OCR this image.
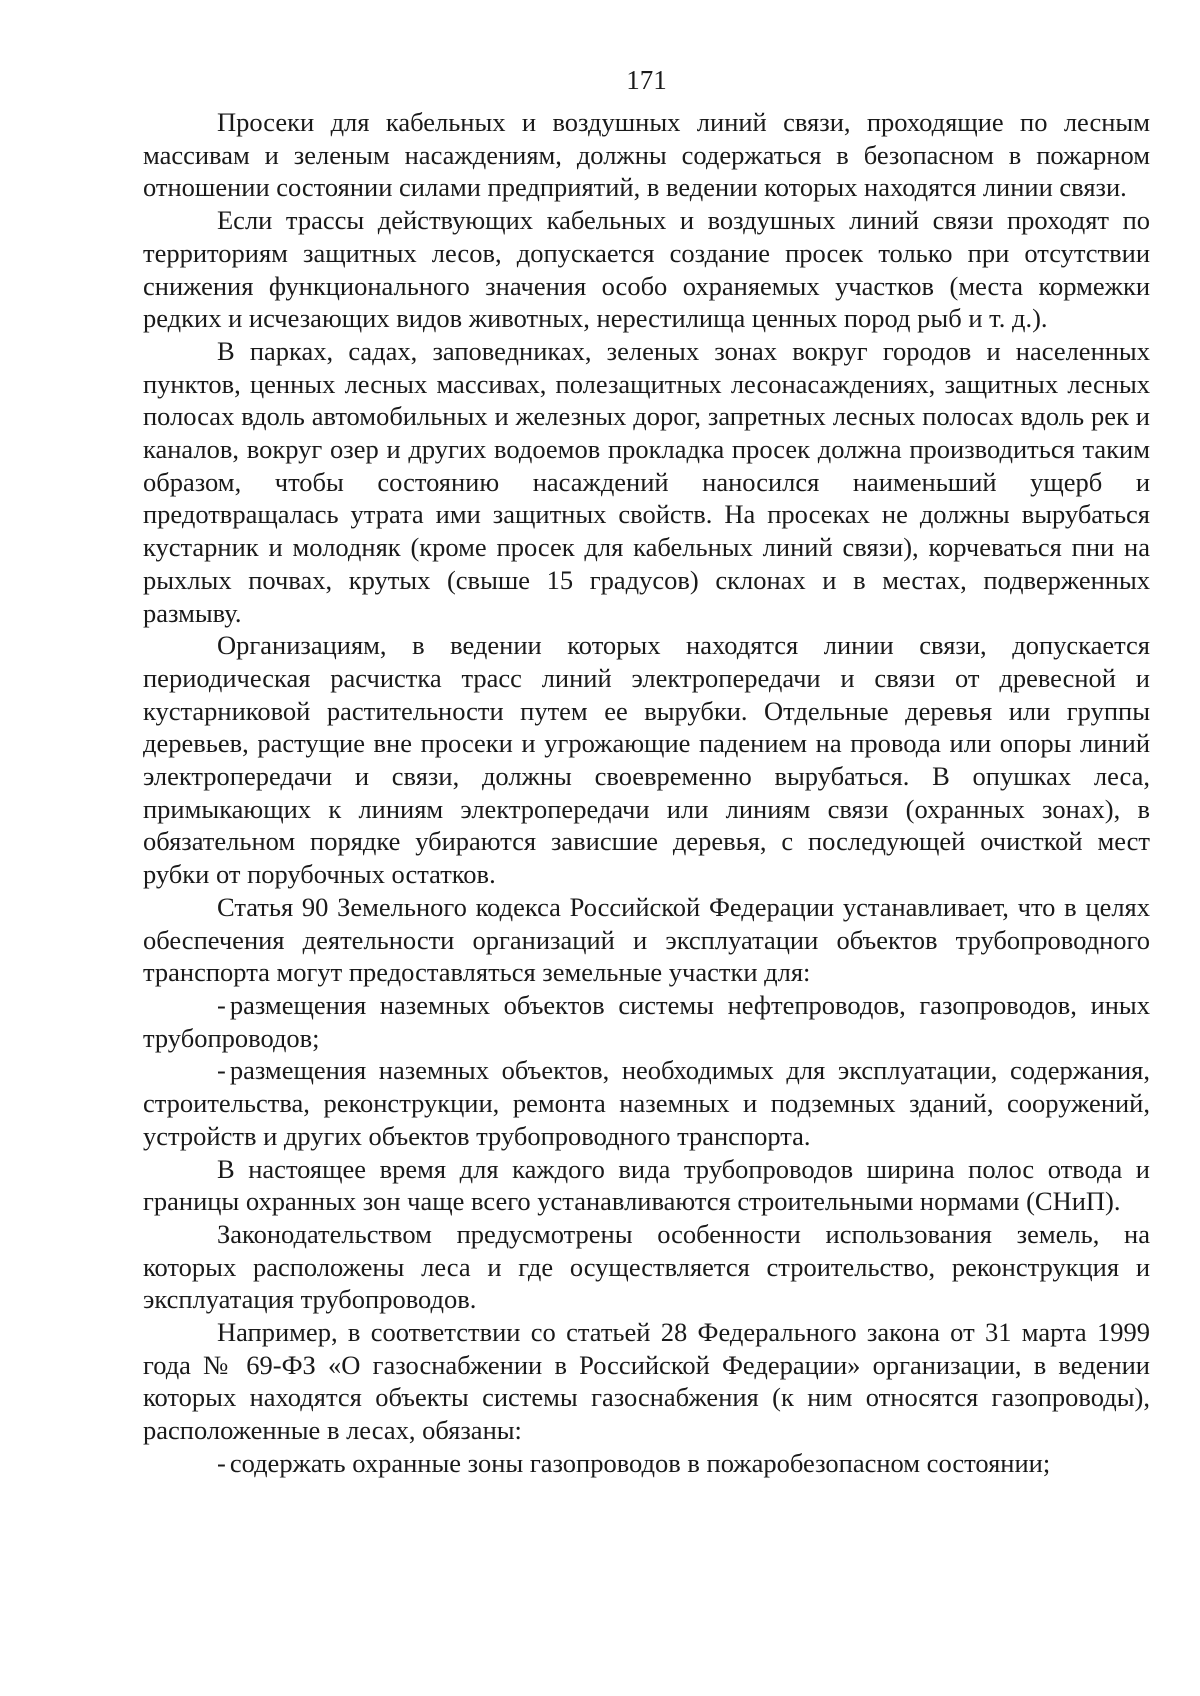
171

Просеки для кабельных и воздушных линий связи, проходящие по лесным массивам и зеленым насаждениям, должны содержаться в безопасном в пожарном отношении состоянии силами предприятий, в ведении которых находятся линии связи.

Если трассы действующих кабельных и воздушных линий связи проходят по территориям защитных лесов, допускается создание просек только при отсутствии снижения функционального значения особо охраняемых участков (места кормежки редких и исчезающих видов животных, нерестилища ценных пород рыб и т. д.).

В парках, садах, заповедниках, зеленых зонах вокруг городов и населенных пунктов, ценных лесных массивах, полезащитных лесонасаждениях, защитных лесных полосах вдоль автомобильных и железных дорог, запретных лесных полосах вдоль рек и каналов, вокруг озер и других водоемов прокладка просек должна производиться таким образом, чтобы состоянию насаждений наносился наименьший ущерб и предотвращалась утрата ими защитных свойств. На просеках не должны вырубаться кустарник и молодняк (кроме просек для кабельных линий связи), корчеваться пни на рыхлых почвах, крутых (свыше 15 градусов) склонах и в местах, подверженных размыву.

Организациям, в ведении которых находятся линии связи, допускается периодическая расчистка трасс линий электропередачи и связи от древесной и кустарниковой растительности путем ее вырубки. Отдельные деревья или группы деревьев, растущие вне просеки и угрожающие падением на провода или опоры линий электропередачи и связи, должны своевременно вырубаться. В опушках леса, примыкающих к линиям электропередачи или линиям связи (охранных зонах), в обязательном порядке убираются зависшие деревья, с последующей очисткой мест рубки от порубочных остатков.

Статья 90 Земельного кодекса Российской Федерации устанавливает, что в целях обеспечения деятельности организаций и эксплуатации объектов трубопроводного транспорта могут предоставляться земельные участки для:

- размещения наземных объектов системы нефтепроводов, газопроводов, иных трубопроводов;

- размещения наземных объектов, необходимых для эксплуатации, содержания, строительства, реконструкции, ремонта наземных и подземных зданий, сооружений, устройств и других объектов трубопроводного транспорта.

В настоящее время для каждого вида трубопроводов ширина полос отвода и границы охранных зон чаще всего устанавливаются строительными нормами (СНиП).

Законодательством предусмотрены особенности использования земель, на которых расположены леса и где осуществляется строительство, реконструкция и эксплуатация трубопроводов.

Например, в соответствии со статьей 28 Федерального закона от 31 марта 1999 года № 69-ФЗ «О газоснабжении в Российской Федерации» организации, в ведении которых находятся объекты системы газоснабжения (к ним относятся газопроводы), расположенные в лесах, обязаны:

- содержать охранные зоны газопроводов в пожаробезопасном состоянии;
